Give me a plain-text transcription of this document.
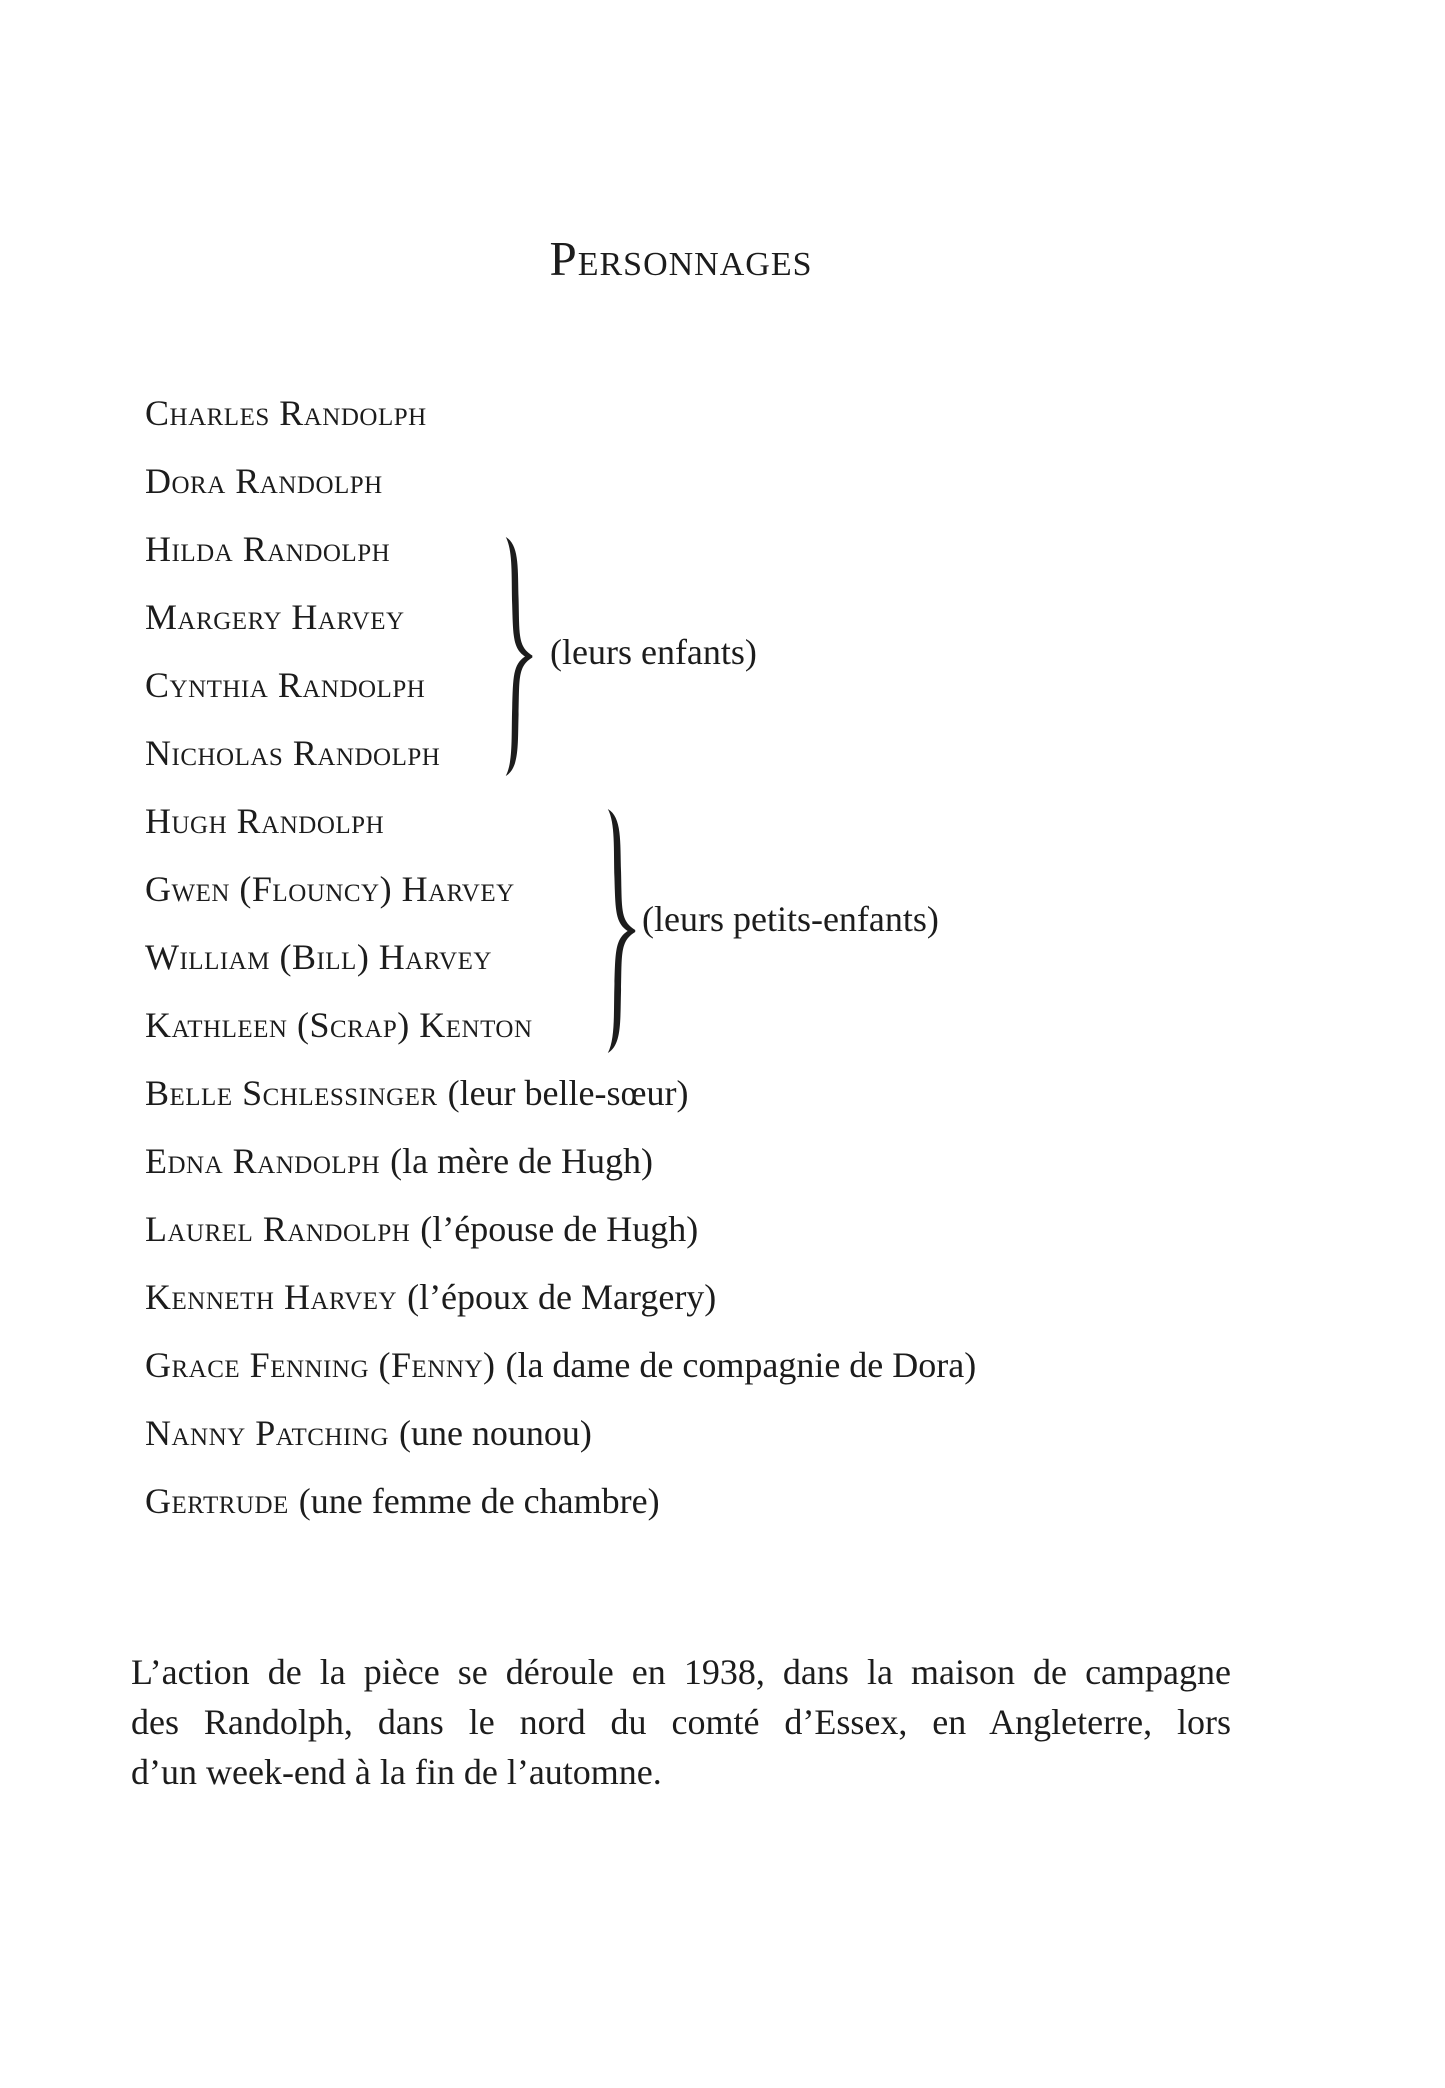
Personnages
Charles Randolph
Dora Randolph
Hilda Randolph
Margery Harvey
Cynthia Randolph
Nicholas Randolph
(leurs enfants)
Hugh Randolph
Gwen (Flouncy) Harvey
William (Bill) Harvey
Kathleen (Scrap) Kenton
(leurs petits-enfants)
Belle Schlessinger (leur belle-sœur)
Edna Randolph (la mère de Hugh)
Laurel Randolph (l’épouse de Hugh)
Kenneth Harvey (l’époux de Margery)
Grace Fenning (Fenny) (la dame de compagnie de Dora)
Nanny Patching (une nounou)
Gertrude (une femme de chambre)
L’action de la pièce se déroule en 1938, dans la maison de campagne
des Randolph, dans le nord du comté d’Essex, en Angleterre, lors
d’un week-end à la fin de l’automne.
